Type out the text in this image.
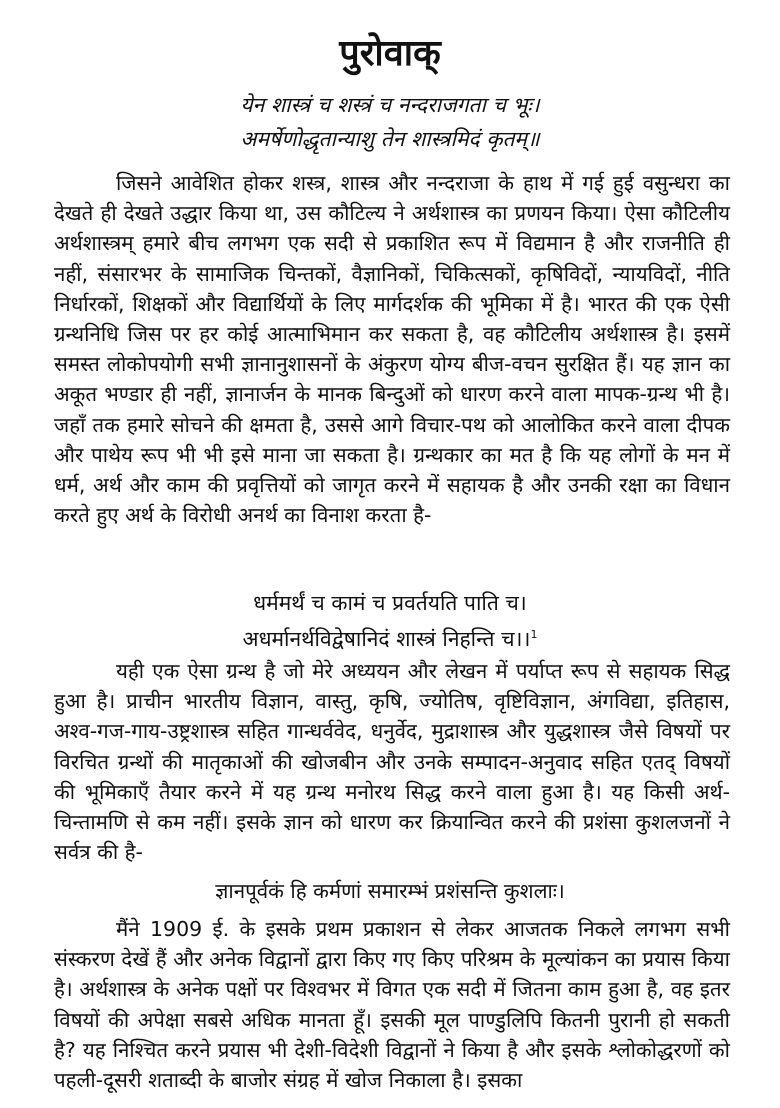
पुरोवाक्
येन शास्त्रं च शस्त्रं च नन्दराजगता च भूः।
अमर्षेणोद्धृतान्याशु तेन शास्त्रमिदं कृतम्॥

जिसने आवेशित होकर शस्त्र, शास्त्र और नन्दराजा के हाथ में गई हुई वसुन्धरा का देखते ही देखते उद्धार किया था, उस कौटिल्य ने अर्थशास्त्र का प्रणयन किया। ऐसा कौटिलीय अर्थशास्त्रम् हमारे बीच लगभग एक सदी से प्रकाशित रूप में विद्यमान है और राजनीति ही नहीं, संसारभर के सामाजिक चिन्तकों, वैज्ञानिकों, चिकित्सकों, कृषिविदों, न्यायविदों, नीति निर्धारकों, शिक्षकों और विद्यार्थियों के लिए मार्गदर्शक की भूमिका में है। भारत की एक ऐसी ग्रन्थनिधि जिस पर हर कोई आत्माभिमान कर सकता है, वह कौटिलीय अर्थशास्त्र है। इसमें समस्त लोकोपयोगी सभी ज्ञानानुशासनों के अंकुरण योग्य बीज-वचन सुरक्षित हैं। यह ज्ञान का अकूत भण्डार ही नहीं, ज्ञानार्जन के मानक बिन्दुओं को धारण करने वाला मापक-ग्रन्थ भी है। जहाँ तक हमारे सोचने की क्षमता है, उससे आगे विचार-पथ को आलोकित करने वाला दीपक और पाथेय रूप भी भी इसे माना जा सकता है। ग्रन्थकार का मत है कि यह लोगों के मन में धर्म, अर्थ और काम की प्रवृत्तियों को जागृत करने में सहायक है और उनकी रक्षा का विधान करते हुए अर्थ के विरोधी अनर्थ का विनाश करता है-

धर्ममर्थं च कामं च प्रवर्तयति पाति च।
अधर्मानर्थविद्वेषानिदं शास्त्रं निहन्ति च।।$^1$

यही एक ऐसा ग्रन्थ है जो मेरे अध्ययन और लेखन में पर्याप्त रूप से सहायक सिद्ध हुआ है। प्राचीन भारतीय विज्ञान, वास्तु, कृषि, ज्योतिष, वृष्टिविज्ञान, अंगविद्या, इतिहास, अश्व-गज-गाय-उष्ट्रशास्त्र सहित गान्धर्ववेद, धनुर्वेद, मुद्राशास्त्र और युद्धशास्त्र जैसे विषयों पर विरचित ग्रन्थों की मातृकाओं की खोजबीन और उनके सम्पादन-अनुवाद सहित एतद् विषयों की भूमिकाएँ तैयार करने में यह ग्रन्थ मनोरथ सिद्ध करने वाला हुआ है। यह किसी अर्थ-चिन्तामणि से कम नहीं। इसके ज्ञान को धारण कर क्रियान्वित करने की प्रशंसा कुशलजनों ने सर्वत्र की है-

ज्ञानपूर्वकं हि कर्मणां समारम्भं प्रशंसन्ति कुशलाः।

मैंने 1909 ई. के इसके प्रथम प्रकाशन से लेकर आजतक निकले लगभग सभी संस्करण देखें हैं और अनेक विद्वानों द्वारा किए गए किए परिश्रम के मूल्यांकन का प्रयास किया है। अर्थशास्त्र के अनेक पक्षों पर विश्वभर में विगत एक सदी में जितना काम हुआ है, वह इतर विषयों की अपेक्षा सबसे अधिक मानता हूँ। इसकी मूल पाण्डुलिपि कितनी पुरानी हो सकती है? यह निश्चित करने प्रयास भी देशी-विदेशी विद्वानों ने किया है और इसके श्लोकोद्धरणों को पहली-दूसरी शताब्दी के बाजोर संग्रह में खोज निकाला है। इसका
